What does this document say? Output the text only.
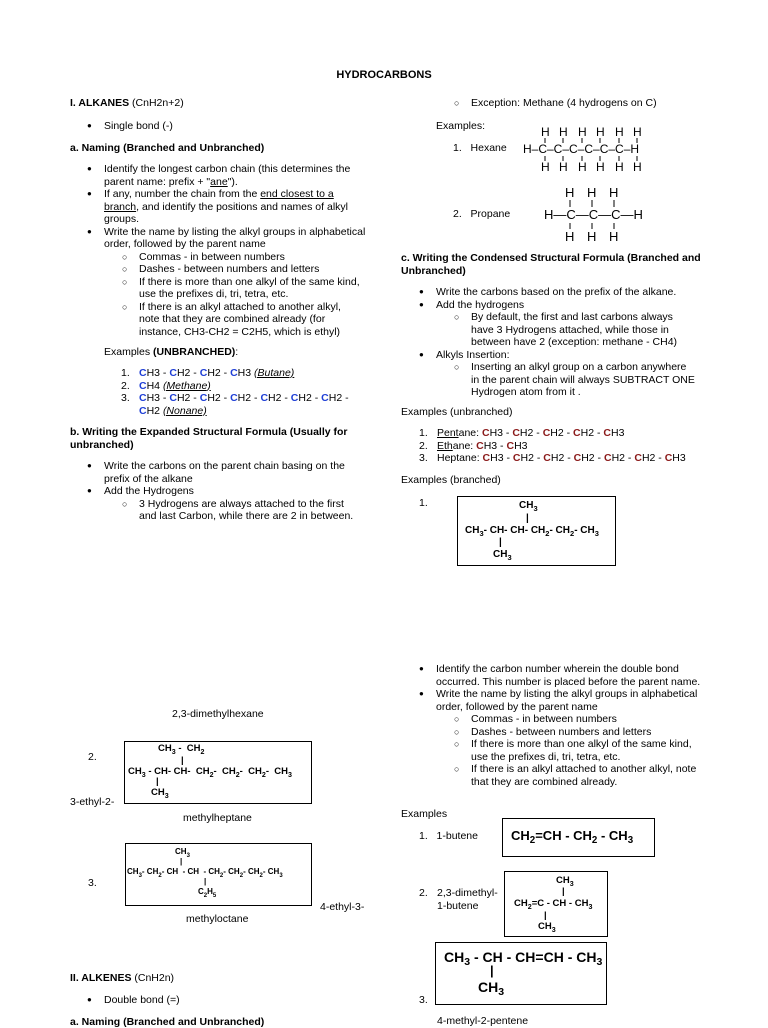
HYDROCARBONS
I. ALKANES (CnH2n+2)
● Single bond (-)
a. Naming (Branched and Unbranched)
● Identify the longest carbon chain (this determines the parent name: prefix + "ane").
● If any, number the chain from the end closest to a branch, and identify the positions and names of alkyl groups.
● Write the name by listing the alkyl groups in alphabetical order, followed by the parent name
○ Commas - in between numbers
○ Dashes - between numbers and letters
○ If there is more than one alkyl of the same kind, use the prefixes di, tri, tetra, etc.
○ If there is an alkyl attached to another alkyl, note that they are combined already (for instance, CH3-CH2 = C2H5, which is ethyl)
Examples (UNBRANCHED):
1. CH3 - CH2 - CH2 - CH3 (Butane)
2. CH4 (Methane)
3. CH3 - CH2 - CH2 - CH2 - CH2 - CH2 - CH2 - CH2 (Nonane)
b. Writing the Expanded Structural Formula (Usually for unbranched)
● Write the carbons on the parent chain basing on the prefix of the alkane
● Add the Hydrogens
○ 3 Hydrogens are always attached to the first and last Carbon, while there are 2 in between.
2,3-dimethylhexane
2.
$CH_3 - CH_2$
|
$CH_3 - CH-$ CH-  $CH_2-$  $CH_2-$  $CH_2-$  $CH_3$
|
$CH_3$
3-ethyl-2-
methylheptane
3.
$CH_3$
|
$CH_3-$ $CH_2-$ CH  - CH  - $CH_2-$ $CH_2-$ $CH_2-$ $CH_3$
|
$C_2H_5$
4-ethyl-3-
methyloctane
II. ALKENES (CnH2n)
● Double bond (=)
a. Naming (Branched and Unbranched)
○ Exception: Methane (4 hydrogens on C)
Examples:
1.   Hexane
H H H H H H
H–C–C–C–C–C–C–H
H H H H H H
2.   Propane
H H H
H—C—C—C—H
H H H
c. Writing the Condensed Structural Formula (Branched and Unbranched)
● Write the carbons based on the prefix of the alkane.
● Add the hydrogens
○ By default, the first and last carbons always have 3 Hydrogens attached, while those in between have 2 (exception: methane - CH4)
● Alkyls Insertion:
○ Inserting an alkyl group on a carbon anywhere in the parent chain will always SUBTRACT ONE Hydrogen atom from it .
Examples (unbranched)
1. Pentane: CH3 - CH2 - CH2 - CH2 - CH3
2. Ethane: CH3 - CH3
3. Heptane: CH3 - CH2 - CH2 - CH2 - CH2 - CH2 - CH3
Examples (branched)
1.	$CH_3$
|
$CH_3-$ CH- CH- $CH_2-$ $CH_2-$ $CH_3$
|
$CH_3$
● Identify the carbon number wherein the double bond occurred. This number is placed before the parent name.
● Write the name by listing the alkyl groups in alphabetical order, followed by the parent name
○ Commas - in between numbers
○ Dashes - between numbers and letters
○ If there is more than one alkyl of the same kind, use the prefixes di, tri, tetra, etc.
○ If there is an alkyl attached to another alkyl, note that they are combined already.
Examples
1.   1-butene	$CH_2=CH - CH_2 - CH_3$
2. 2,3-dimethyl-1-butene
$CH_3$
|
$CH_2=C$ - CH - $CH_3$
|
$CH_3$
3.
$CH_3$ - CH - $CH=CH - CH_3$
|
$CH_3$
4-methyl-2-pentene
